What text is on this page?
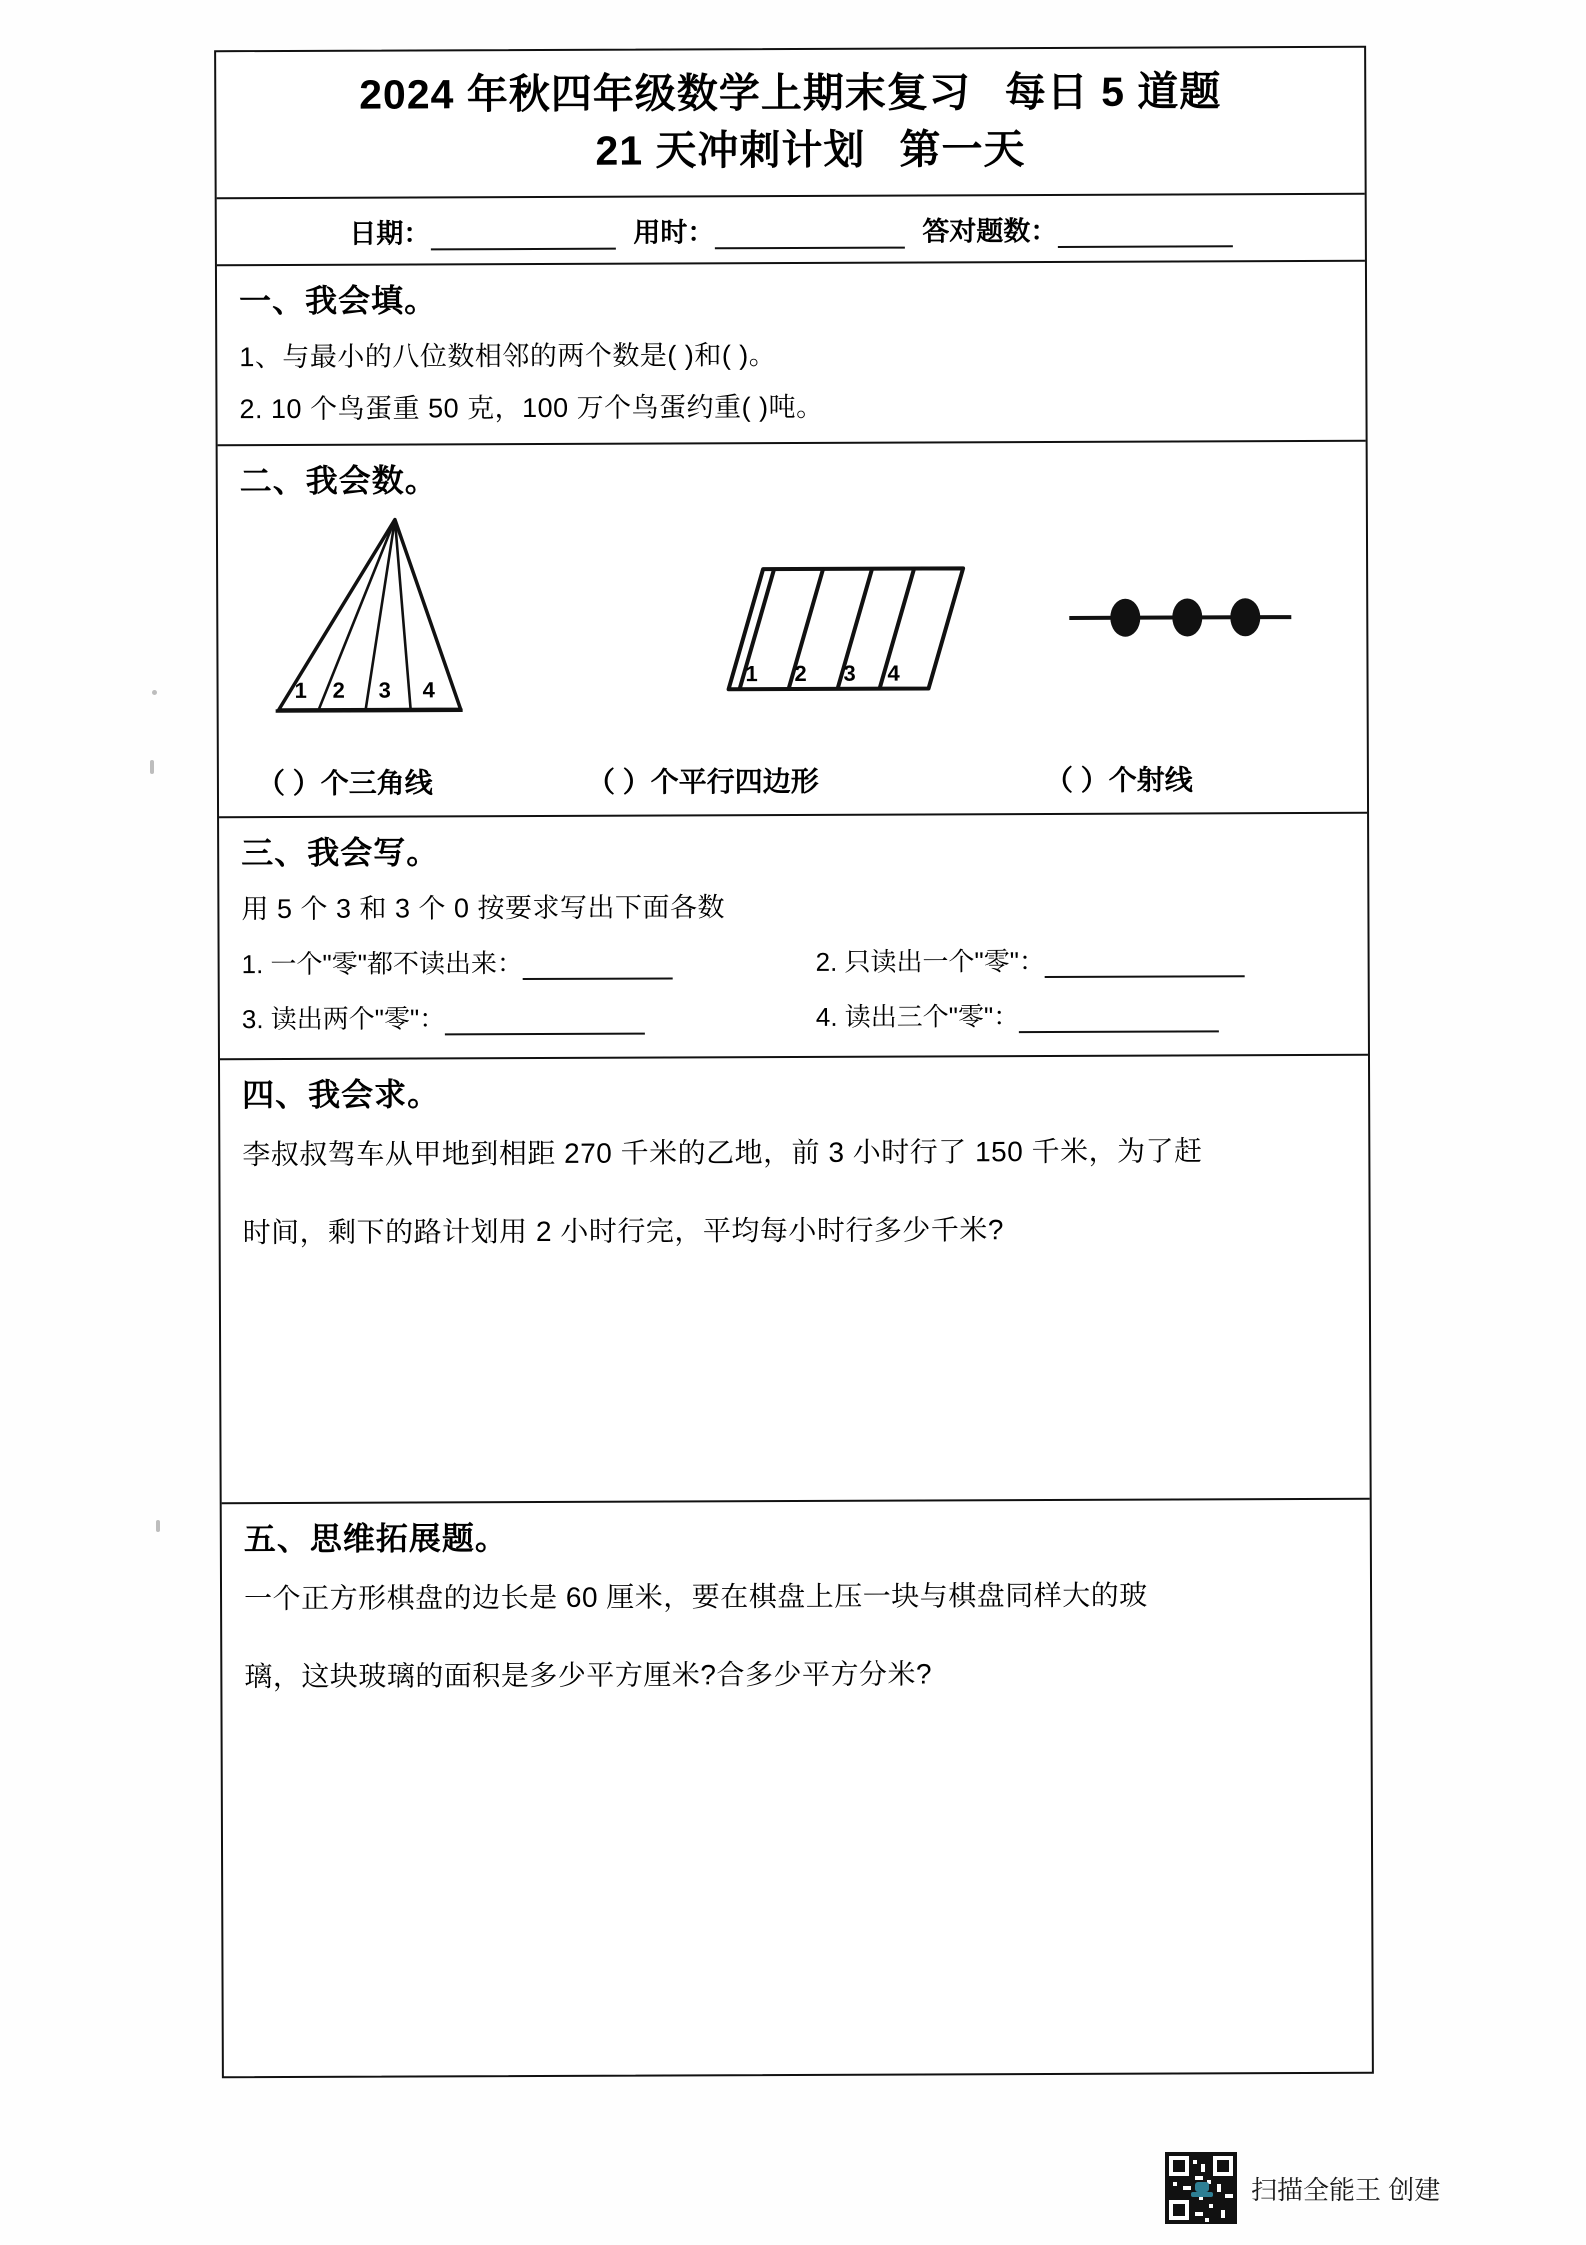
2024 年秋四年级数学上期末复习 每日 5 道题
21 天冲刺计划 第一天
日期：	用时：	答对题数：
一、我会填。
1、与最小的八位数相邻的两个数是( )和( )。
2. 10 个鸟蛋重 50 克，100 万个鸟蛋约重( )吨。
二、我会数。
1 2 3 4
1 2 3 4
（ ）个三角线	（ ）个平行四边形	（ ）个射线
三、我会写。
用 5 个 3 和 3 个 0 按要求写出下面各数
1. 一个"零"都不读出来：	2. 只读出一个"零"：
3. 读出两个"零"：	4. 读出三个"零"：
四、我会求。
李叔叔驾车从甲地到相距 270 千米的乙地，前 3 小时行了 150 千米，为了赶
时间，剩下的路计划用 2 小时行完，平均每小时行多少千米?
五、思维拓展题。
一个正方形棋盘的边长是 60 厘米，要在棋盘上压一块与棋盘同样大的玻
璃，这块玻璃的面积是多少平方厘米?合多少平方分米?
扫描全能王 创建
